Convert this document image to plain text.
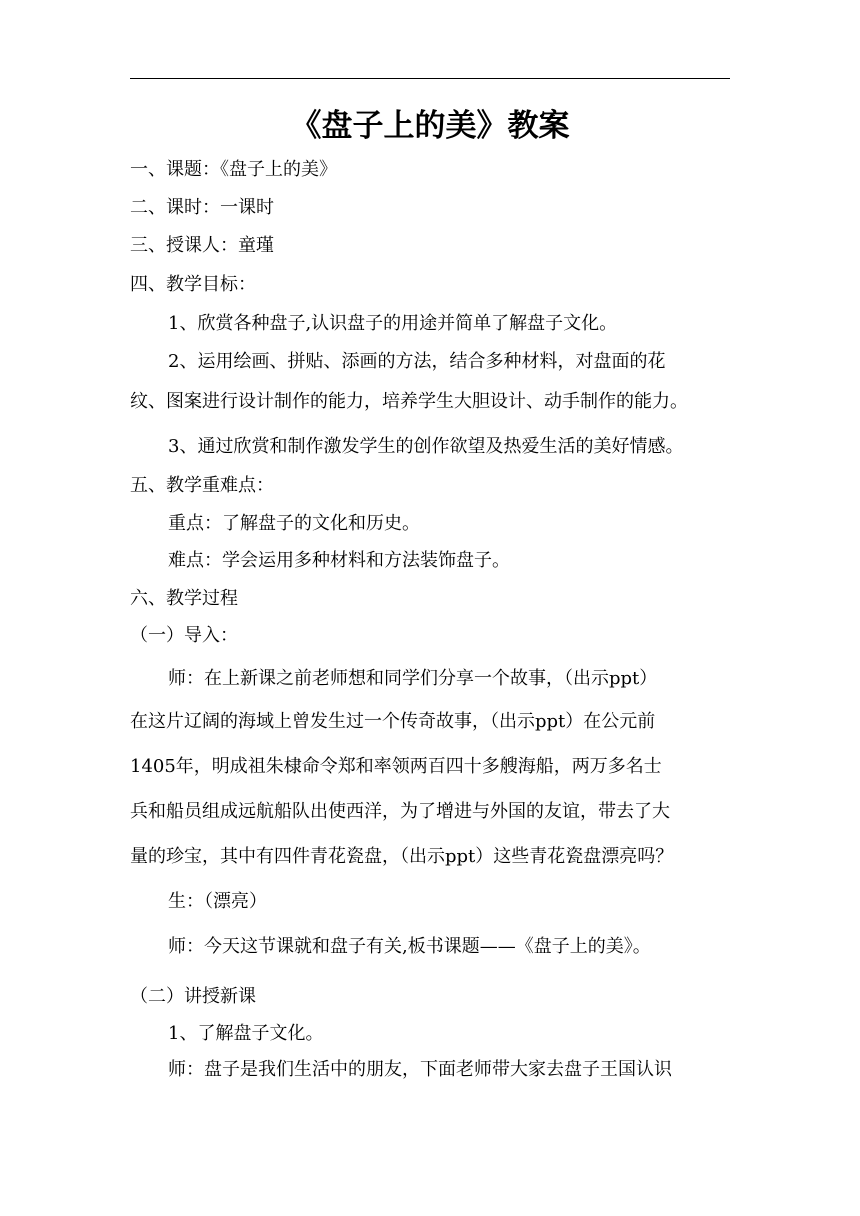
《盘子上的美》教案
一、课题：《盘子上的美》
二、课时：一课时
三、授课人：童瑾
四、教学目标：
1、欣赏各种盘子,认识盘子的用途并简单了解盘子文化。
2、运用绘画、拼贴、添画的方法，结合多种材料，对盘面的花
纹、图案进行设计制作的能力，培养学生大胆设计、动手制作的能力。
3、通过欣赏和制作激发学生的创作欲望及热爱生活的美好情感。
五、教学重难点：
重点：了解盘子的文化和历史。
难点：学会运用多种材料和方法装饰盘子。
六、教学过程
（一）导入：
师：在上新课之前老师想和同学们分享一个故事，（出示ppt）
在这片辽阔的海域上曾发生过一个传奇故事，（出示ppt）在公元前
1405年，明成祖朱棣命令郑和率领两百四十多艘海船，两万多名士
兵和船员组成远航船队出使西洋，为了增进与外国的友谊，带去了大
量的珍宝，其中有四件青花瓷盘，（出示ppt）这些青花瓷盘漂亮吗？
生：（漂亮）
师：今天这节课就和盘子有关,板书课题——《盘子上的美》。
（二）讲授新课
1、了解盘子文化。
师：盘子是我们生活中的朋友，下面老师带大家去盘子王国认识
